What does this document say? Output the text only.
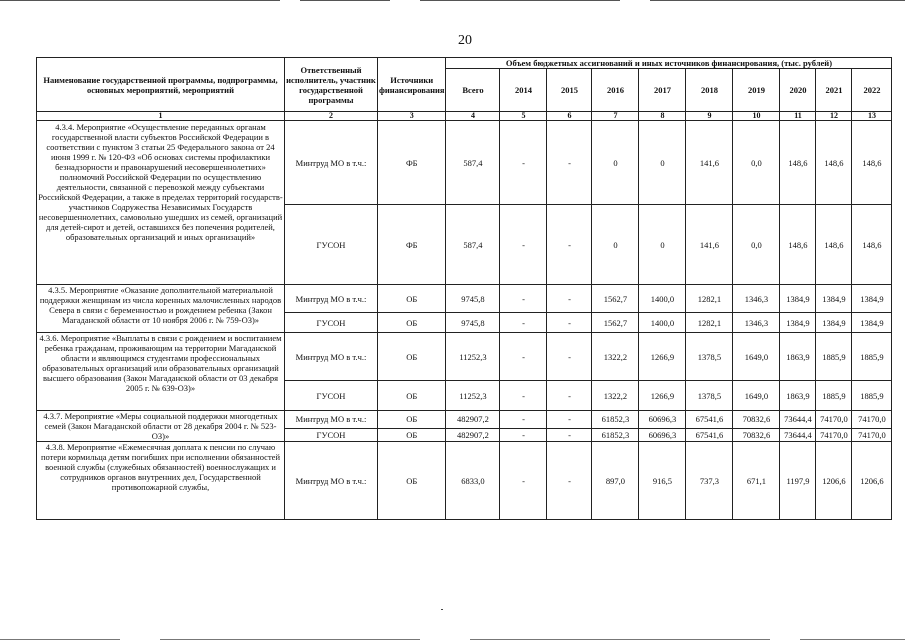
20
Наименование государственной программы, подпрограммы, основных мероприятий, мероприятий	Ответственный исполнитель, участник государственной программы	Источники финансирования	Объем бюджетных ассигнований и иных источников финансирования, (тыс. рублей)									
			Всего	2014	2015	2016	2017	2018	2019	2020	2021	2022
1	2	3	4	5	6	7	8	9	10	11	12	13
4.3.4. Мероприятие «Осуществление переданных органам государственной власти субъектов Российской Федерации в соответствии с пунктом 3 статьи 25 Федерального закона от 24 июня 1999 г. № 120-ФЗ «Об основах системы профилактики безнадзорности и правонарушений несовершеннолетних» полномочий Российской Федерации по осуществлению деятельности, связанной с перевозкой между субъектами Российской Федерации, а также в пределах территорий государств-участников Содружества Независимых Государств несовершеннолетних, самовольно ушедших из семей, организаций для детей-сирот и детей, оставшихся без попечения родителей, образовательных организаций и иных организаций»	Минтруд МО в т.ч.:	ФБ	587,4	-	-	0	0	141,6	0,0	148,6	148,6	148,6
	ГУСОН	ФБ	587,4	-	-	0	0	141,6	0,0	148,6	148,6	148,6
4.3.5. Мероприятие «Оказание дополнительной материальной поддержки женщинам из числа коренных малочисленных народов Севера в связи с беременностью и рождением ребенка (Закон Магаданской области от 10 ноября 2006 г. № 759-ОЗ)»	Минтруд МО в т.ч.:	ОБ	9745,8	-	-	1562,7	1400,0	1282,1	1346,3	1384,9	1384,9	1384,9
	ГУСОН	ОБ	9745,8	-	-	1562,7	1400,0	1282,1	1346,3	1384,9	1384,9	1384,9
4.3.6. Мероприятие «Выплаты в связи с рождением и воспитанием ребенка гражданам, проживающим на территории Магаданской области и являющимся студентами профессиональных образовательных организаций или образовательных организаций высшего образования (Закон Магаданской области от 03 декабря 2005 г. № 639-ОЗ)»	Минтруд МО в т.ч.:	ОБ	11252,3	-	-	1322,2	1266,9	1378,5	1649,0	1863,9	1885,9	1885,9
	ГУСОН	ОБ	11252,3	-	-	1322,2	1266,9	1378,5	1649,0	1863,9	1885,9	1885,9
4.3.7. Мероприятие «Меры социальной поддержки многодетных семей (Закон Магаданской области от 28 декабря 2004 г. № 523-ОЗ)»	Минтруд МО в т.ч.:	ОБ	482907,2	-	-	61852,3	60696,3	67541,6	70832,6	73644,4	74170,0	74170,0
	ГУСОН	ОБ	482907,2	-	-	61852,3	60696,3	67541,6	70832,6	73644,4	74170,0	74170,0
4.3.8. Мероприятие «Ежемесячная доплата к пенсии по случаю потери кормильца детям погибших при исполнении обязанностей военной службы (служебных обязанностей) военнослужащих и сотрудников органов внутренних дел, Государственной противопожарной службы,	Минтруд МО в т.ч.:	ОБ	6833,0	-	-	897,0	916,5	737,3	671,1	1197,9	1206,6	1206,6
